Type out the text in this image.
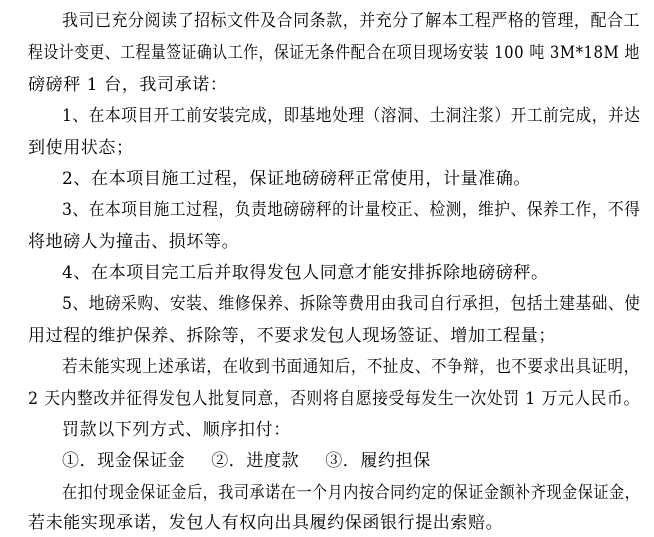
我司已充分阅读了招标文件及合同条款，并充分了解本工程严格的管理，配合工
程设计变更、工程量签证确认工作，保证无条件配合在项目现场安装 100 吨 3M*18M 地
磅磅秤 1 台，我司承诺：
1、在本项目开工前安装完成，即基地处理（溶洞、土洞注浆）开工前完成，并达
到使用状态；
2、在本项目施工过程，保证地磅磅秤正常使用，计量准确。
3、在本项目施工过程，负责地磅磅秤的计量校正、检测，维护、保养工作，不得
将地磅人为撞击、损坏等。
4、在本项目完工后并取得发包人同意才能安排拆除地磅磅秤。
5、地磅采购、安装、维修保养、拆除等费用由我司自行承担，包括土建基础、使
用过程的维护保养、拆除等，不要求发包人现场签证、增加工程量；
若未能实现上述承诺，在收到书面通知后，不扯皮、不争辩，也不要求出具证明，
2 天内整改并征得发包人批复同意，否则将自愿接受每发生一次处罚 1 万元人民币。
罚款以下列方式、顺序扣付：
①．现金保证金 ②．进度款 ③．履约担保
在扣付现金保证金后，我司承诺在一个月内按合同约定的保证金额补齐现金保证金，
若未能实现承诺，发包人有权向出具履约保函银行提出索赔。
